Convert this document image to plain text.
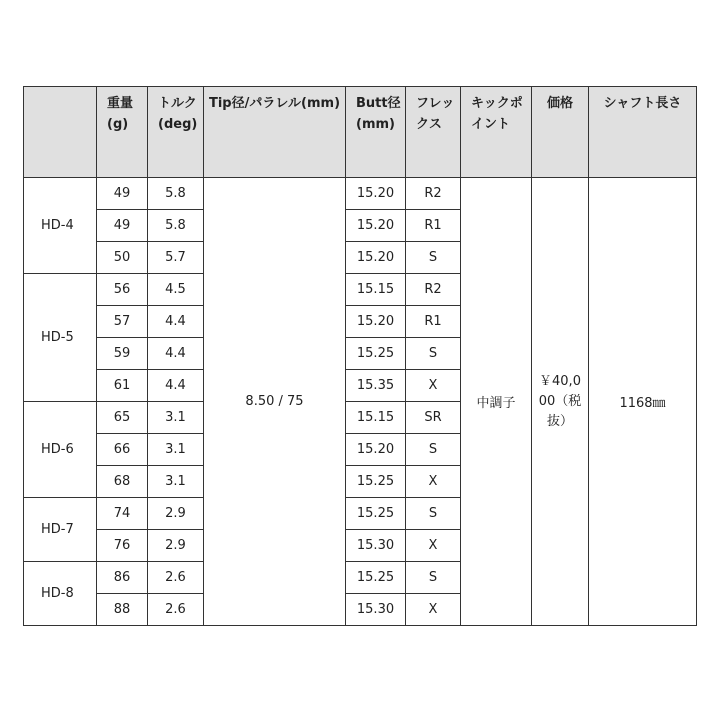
	重量(g)	トルク(deg)	Tip径/パラレル(mm)	Butt径(mm)	フレックス	キックポイント	価格	シャフト長さ
HD-4	49	5.8	8.50 / 75	15.20	R2	中調子	￥40,000（税抜）	1168㎜
	49	5.8		15.20	R1			
	50	5.7		15.20	S			
HD-5	56	4.5		15.15	R2			
	57	4.4		15.20	R1			
	59	4.4		15.25	S			
	61	4.4		15.35	X			
HD-6	65	3.1		15.15	SR			
	66	3.1		15.20	S			
	68	3.1		15.25	X			
HD-7	74	2.9		15.25	S			
	76	2.9		15.30	X			
HD-8	86	2.6		15.25	S			
	88	2.6		15.30	X			
